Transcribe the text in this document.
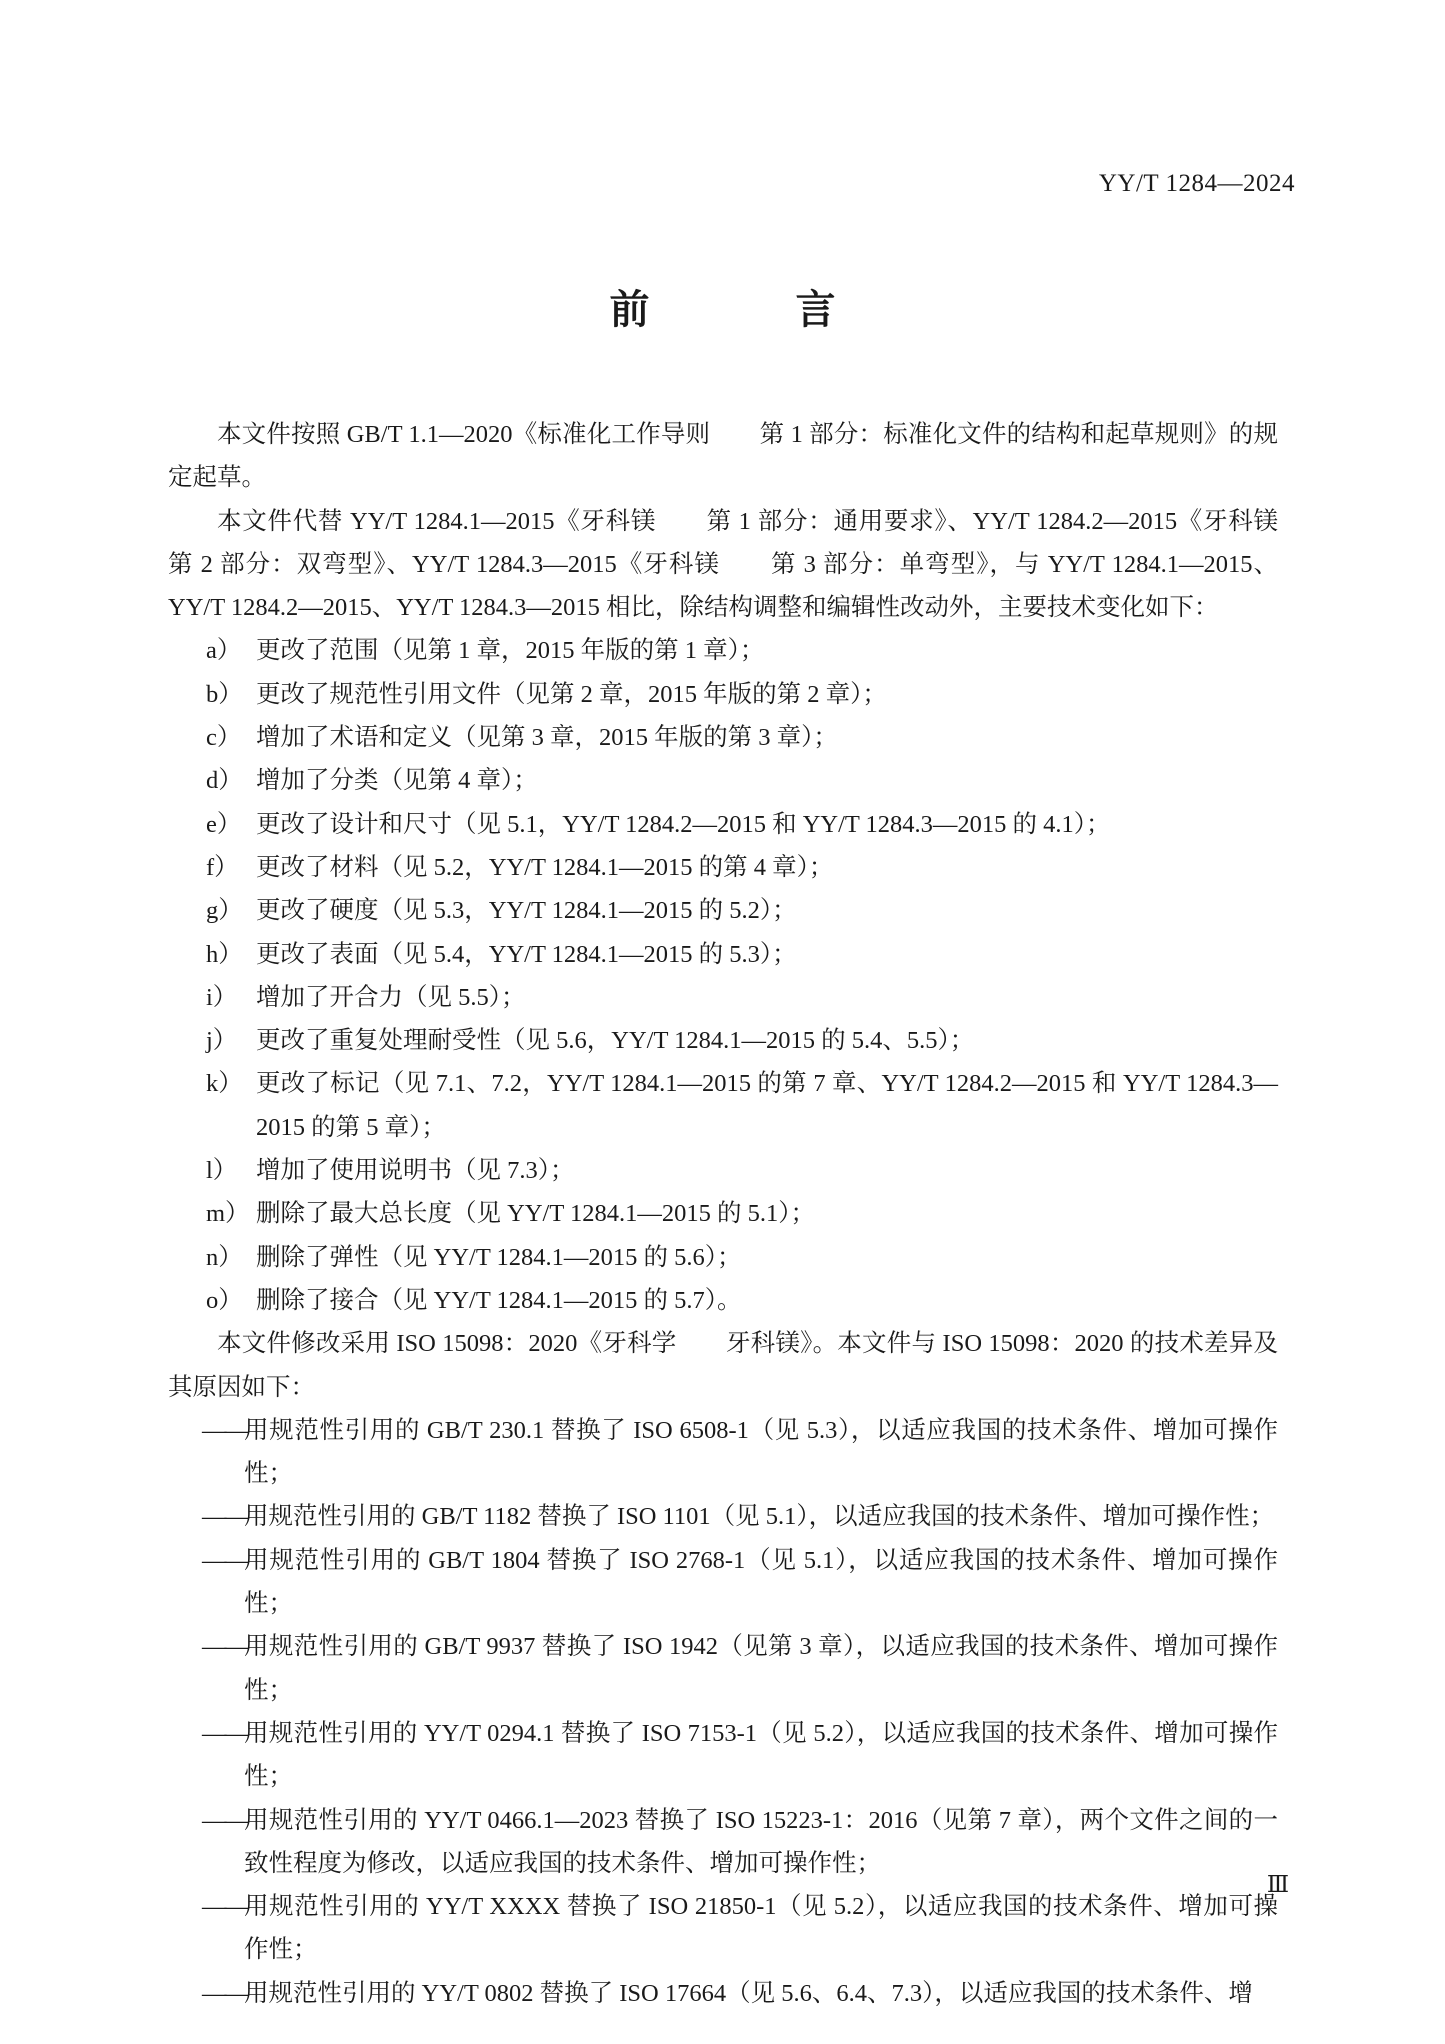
YY/T 1284—2024
前　　言

本文件按照 GB/T 1.1—2020《标准化工作导则　　第 1 部分：标准化文件的结构和起草规则》的规定起草。

本文件代替 YY/T 1284.1—2015《牙科镁　　第 1 部分：通用要求》、YY/T 1284.2—2015《牙科镁　第 2 部分：双弯型》、YY/T 1284.3—2015《牙科镁　　第 3 部分：单弯型》，与 YY/T 1284.1—2015、YY/T 1284.2—2015、YY/T 1284.3—2015 相比，除结构调整和编辑性改动外，主要技术变化如下：

a） 更改了范围（见第 1 章，2015 年版的第 1 章）；
b） 更改了规范性引用文件（见第 2 章，2015 年版的第 2 章）；
c） 增加了术语和定义（见第 3 章，2015 年版的第 3 章）；
d） 增加了分类（见第 4 章）；
e） 更改了设计和尺寸（见 5.1，YY/T 1284.2—2015 和 YY/T 1284.3—2015 的 4.1）；
f） 更改了材料（见 5.2，YY/T 1284.1—2015 的第 4 章）；
g） 更改了硬度（见 5.3，YY/T 1284.1—2015 的 5.2）；
h） 更改了表面（见 5.4，YY/T 1284.1—2015 的 5.3）；
i） 增加了开合力（见 5.5）；
j） 更改了重复处理耐受性（见 5.6，YY/T 1284.1—2015 的 5.4、5.5）；
k） 更改了标记（见 7.1、7.2，YY/T 1284.1—2015 的第 7 章、YY/T 1284.2—2015 和 YY/T 1284.3—2015 的第 5 章）；
l） 增加了使用说明书（见 7.3）；
m） 删除了最大总长度（见 YY/T 1284.1—2015 的 5.1）；
n） 删除了弹性（见 YY/T 1284.1—2015 的 5.6）；
o） 删除了接合（见 YY/T 1284.1—2015 的 5.7）。

本文件修改采用 ISO 15098：2020《牙科学　　牙科镁》。本文件与 ISO 15098：2020 的技术差异及其原因如下：

——
用规范性引用的 GB/T 230.1 替换了 ISO 6508-1（见 5.3），以适应我国的技术条件、增加可操作性；
——
用规范性引用的 GB/T 1182 替换了 ISO 1101（见 5.1），以适应我国的技术条件、增加可操作性；
——
用规范性引用的 GB/T 1804 替换了 ISO 2768-1（见 5.1），以适应我国的技术条件、增加可操作性；
——
用规范性引用的 GB/T 9937 替换了 ISO 1942（见第 3 章），以适应我国的技术条件、增加可操作性；
——
用规范性引用的 YY/T 0294.1 替换了 ISO 7153-1（见 5.2），以适应我国的技术条件、增加可操作性；
——
用规范性引用的 YY/T 0466.1—2023 替换了 ISO 15223-1：2016（见第 7 章），两个文件之间的一致性程度为修改，以适应我国的技术条件、增加可操作性；
——
用规范性引用的 YY/T XXXX 替换了 ISO 21850-1（见 5.2），以适应我国的技术条件、增加可操作性；
——
用规范性引用的 YY/T 0802 替换了 ISO 17664（见 5.6、6.4、7.3），以适应我国的技术条件、增
Ⅲ
